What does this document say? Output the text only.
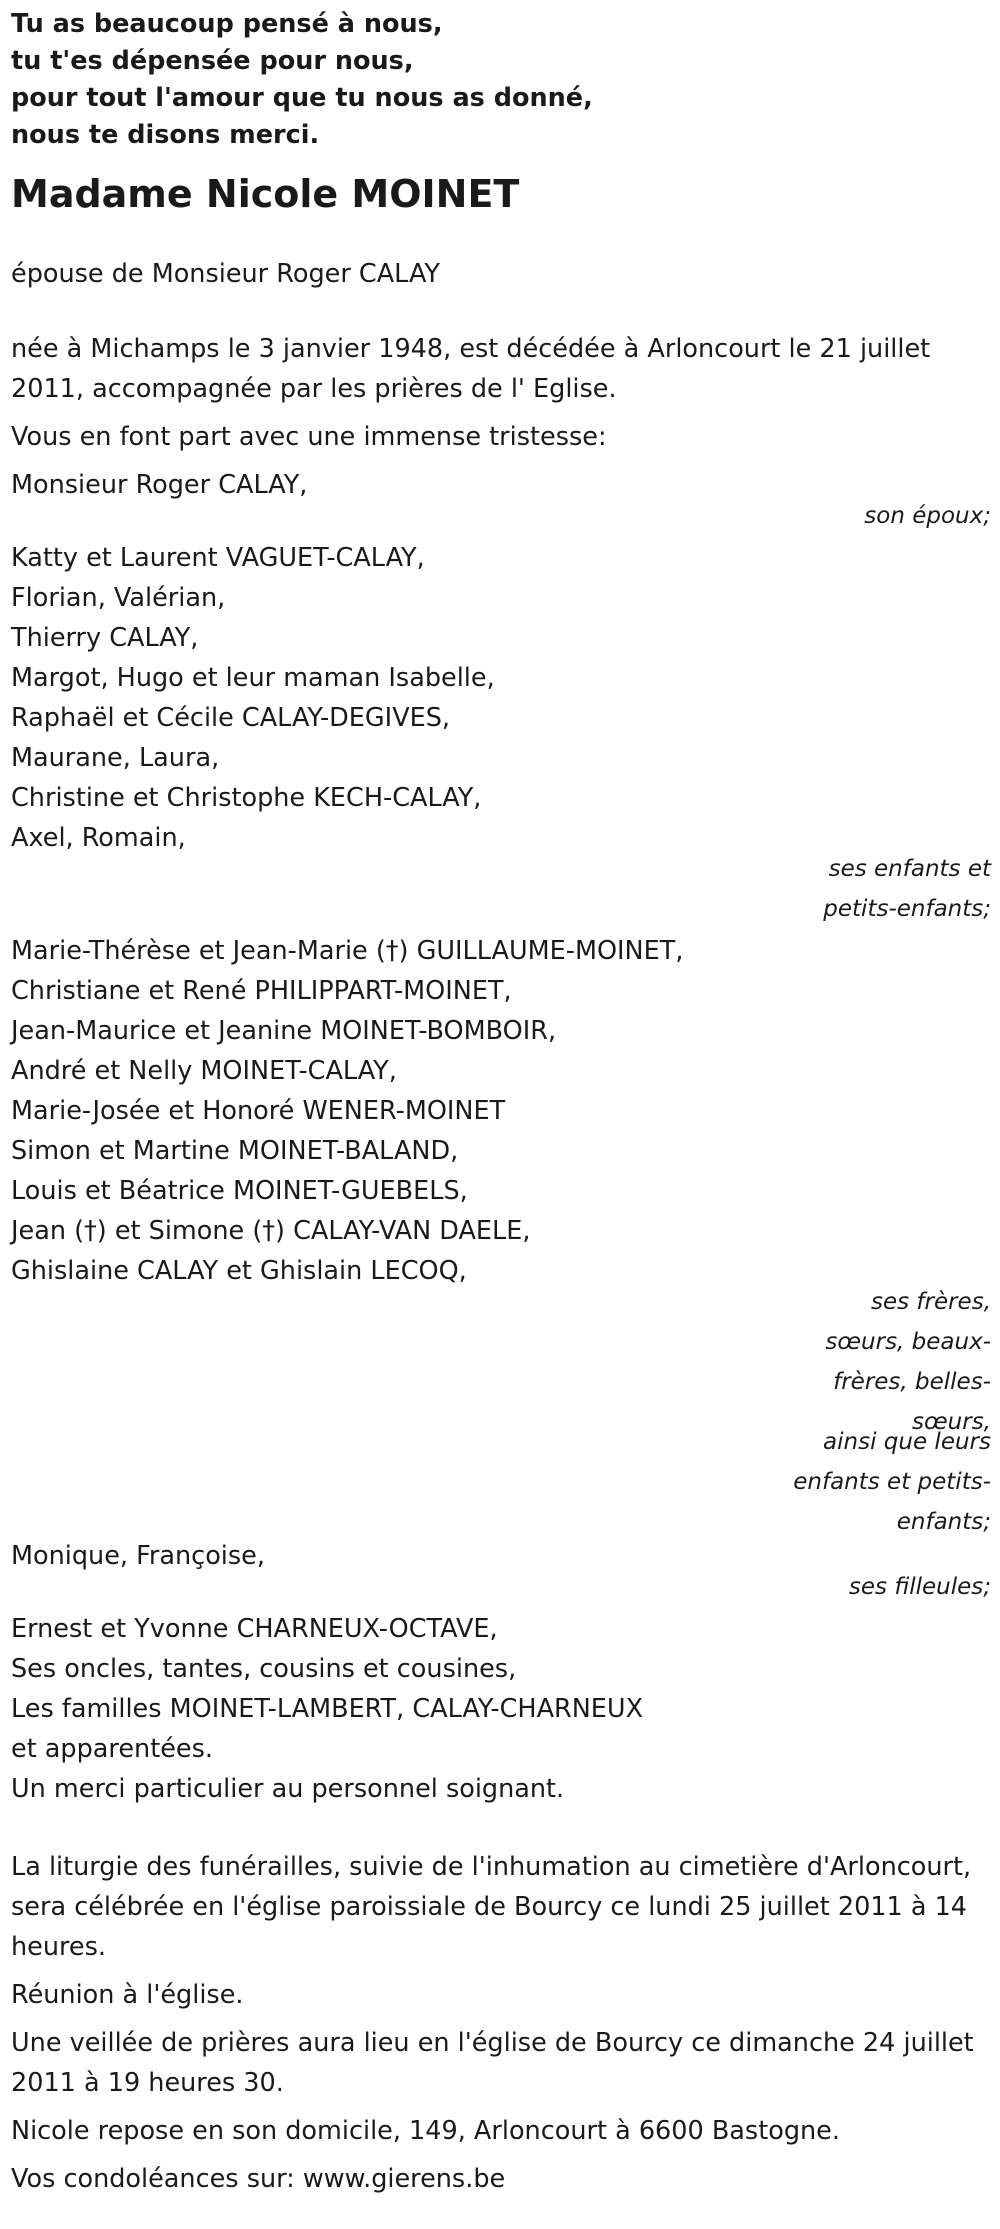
Tu as beaucoup pensé à nous,
tu t'es dépensée pour nous,
pour tout l'amour que tu nous as donné,
nous te disons merci.
Madame Nicole MOINET
épouse de Monsieur Roger CALAY
née à Michamps le 3 janvier 1948, est décédée à Arloncourt le 21 juillet 2011, accompagnée par les prières de l' Eglise.
Vous en font part avec une immense tristesse:
Monsieur Roger CALAY,
son époux;
Katty et Laurent VAGUET-CALAY,
Florian, Valérian,
Thierry CALAY,
Margot, Hugo et leur maman Isabelle,
Raphaël et Cécile CALAY-DEGIVES,
Maurane, Laura,
Christine et Christophe KECH-CALAY,
Axel, Romain,
ses enfants et petits-enfants;
Marie-Thérèse et Jean-Marie (†) GUILLAUME-MOINET,
Christiane et René PHILIPPART-MOINET,
Jean-Maurice et Jeanine MOINET-BOMBOIR,
André et Nelly MOINET-CALAY,
Marie-Josée et Honoré WENER-MOINET
Simon et Martine MOINET-BALAND,
Louis et Béatrice MOINET-GUEBELS,
Jean (†) et Simone (†) CALAY-VAN DAELE,
Ghislaine CALAY et Ghislain LECOQ,
ses frères, sœurs, beaux-frères, belles-sœurs,
ainsi que leurs enfants et petits-enfants;
Monique, Françoise,
ses filleules;
Ernest et Yvonne CHARNEUX-OCTAVE,
Ses oncles, tantes, cousins et cousines,
Les familles MOINET-LAMBERT, CALAY-CHARNEUX
et apparentées.
Un merci particulier au personnel soignant.
La liturgie des funérailles, suivie de l'inhumation au cimetière d'Arloncourt, sera célébrée en l'église paroissiale de Bourcy ce lundi 25 juillet 2011 à 14 heures.
Réunion à l'église.
Une veillée de prières aura lieu en l'église de Bourcy ce dimanche 24 juillet 2011 à 19 heures 30.
Nicole repose en son domicile, 149, Arloncourt à 6600 Bastogne.
Vos condoléances sur: www.gierens.be
